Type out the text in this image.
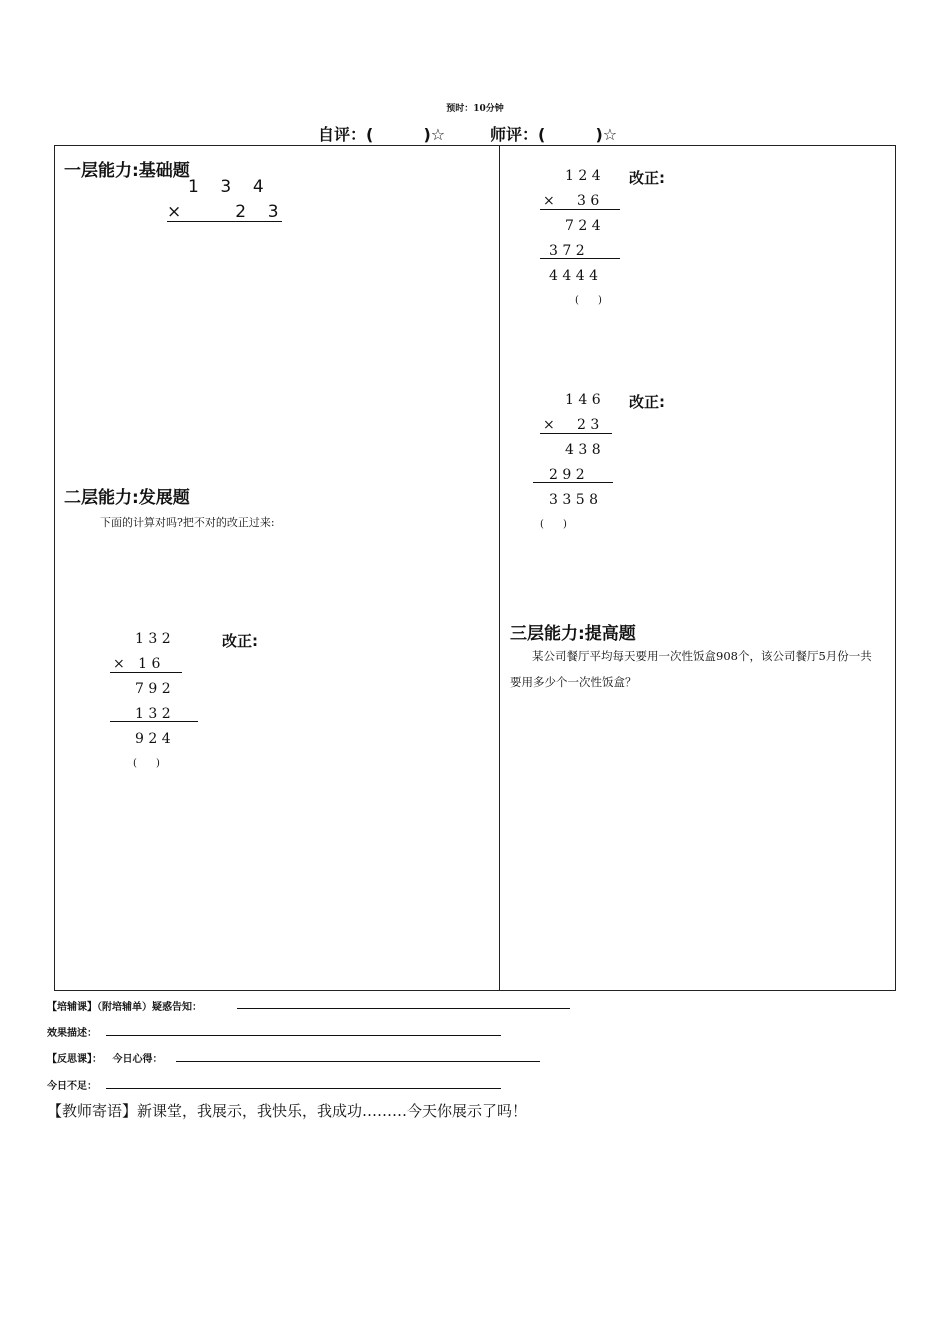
预时：10分钟
自评：(         )☆	师评：(         )☆
一层能力:基础题
1    3    4
×          2    3
二层能力:发展题
下面的计算对吗?把不对的改正过来:
1 3 2	改正:
×   1 6
7 9 2
1 3 2
9 2 4
(      )
1 2 4 改正:
×     3 6
7 2 4
3 7 2
4 4 4 4
(      )
1 4 6 改正:
×     2 3
4 3 8
2 9 2
3 3 5 8
(      )
三层能力:提高题
某公司餐厅平均每天要用一次性饭盒908个，该公司餐厅5月份一共
要用多少个一次性饭盒？
【培辅课】（附培辅单）疑惑告知：
效果描述：
【反思课】：   今日心得：
今日不足：
【教师寄语】新课堂，我展示，我快乐，我成功………今天你展示了吗！
